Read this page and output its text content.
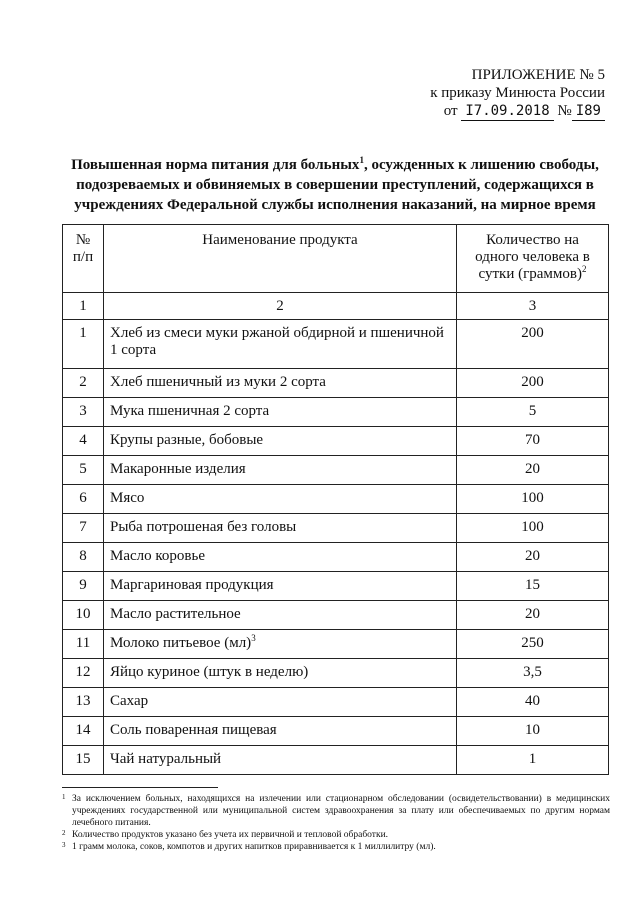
ПРИЛОЖЕНИЕ № 5
к приказу Минюста России
от I7.09.2018 № I89
Повышенная норма питания для больных$^1$, осужденных к лишению свободы, подозреваемых и обвиняемых в совершении преступлений, содержащихся в учреждениях Федеральной службы исполнения наказаний, на мирное время
№ п/п	Наименование продукта	Количество на одного человека в сутки (граммов)$^2$
1	2	3
1	Хлеб из смеси муки ржаной обдирной и пшеничной 1 сорта	200
2	Хлеб пшеничный из муки 2 сорта	200
3	Мука пшеничная 2 сорта	5
4	Крупы разные, бобовые	70
5	Макаронные изделия	20
6	Мясо	100
7	Рыба потрошеная без головы	100
8	Масло коровье	20
9	Маргариновая продукция	15
10	Масло растительное	20
11	Молоко питьевое (мл)$^3$	250
12	Яйцо куриное (штук в неделю)	3,5
13	Сахар	40
14	Соль поваренная пищевая	10
15	Чай натуральный	1
1 За исключением больных, находящихся на излечении или стационарном обследовании (освидетельствовании) в медицинских учреждениях государственной или муниципальной систем здравоохранения за плату или обеспечиваемых по другим нормам лечебного питания.
2 Количество продуктов указано без учета их первичной и тепловой обработки.
3 1 грамм молока, соков, компотов и других напитков приравнивается к 1 миллилитру (мл).
